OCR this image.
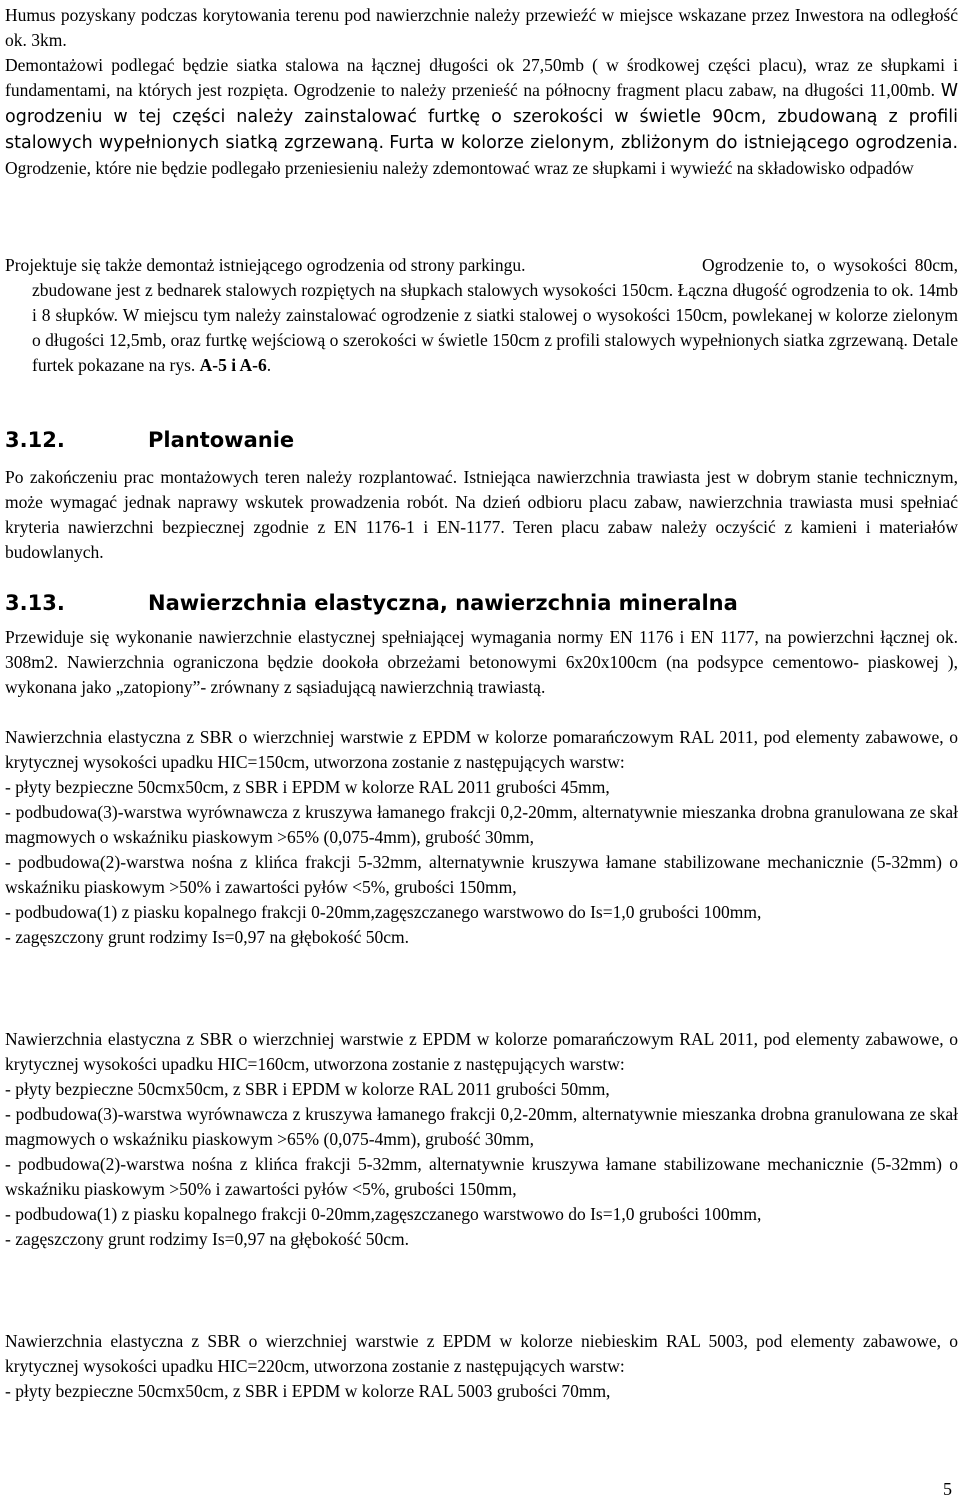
Humus pozyskany podczas korytowania terenu pod nawierzchnie należy przewieźć w miejsce wskazane przez Inwestora na odległość ok. 3km.

Demontażowi podlegać będzie siatka stalowa na łącznej długości ok 27,50mb ( w środkowej części placu), wraz ze słupkami i fundamentami, na których jest rozpięta. Ogrodzenie to należy przenieść na północny fragment placu zabaw, na długości 11,00mb. W ogrodzeniu w tej części należy zainstalować furtkę o szerokości w świetle 90cm, zbudowaną z profili stalowych wypełnionych siatką zgrzewaną. Furta w kolorze zielonym, zbliżonym do istniejącego ogrodzenia. Ogrodzenie, które nie będzie podlegało przeniesieniu należy zdemontować wraz ze słupkami i wywieźć na składowisko odpadów

Projektuje się także demontaż istniejącego ogrodzenia od strony parkingu.	Ogrodzenie to, o wysokości 80cm, zbudowane jest z bednarek stalowych rozpiętych na słupkach stalowych wysokości 150cm. Łączna długość ogrodzenia to ok. 14mb i 8 słupków. W miejscu tym należy zainstalować ogrodzenie z siatki stalowej o wysokości 150cm, powlekanej w kolorze zielonym o długości 12,5mb, oraz furtkę wejściową o szerokości w świetle 150cm z profili stalowych wypełnionych siatka zgrzewaną. Detale furtek pokazane na rys. A-5 i A-6.

3.12.	Plantowanie

Po zakończeniu prac montażowych teren należy rozplantować. Istniejąca nawierzchnia trawiasta jest w dobrym stanie technicznym, może wymagać jednak naprawy wskutek prowadzenia robót. Na dzień odbioru placu zabaw, nawierzchnia trawiasta musi spełniać kryteria nawierzchni bezpiecznej zgodnie z EN 1176-1 i EN-1177. Teren placu zabaw należy oczyścić z kamieni i materiałów budowlanych.

3.13.	Nawierzchnia elastyczna, nawierzchnia mineralna

Przewiduje się wykonanie nawierzchnie elastycznej spełniającej wymagania normy EN 1176 i EN 1177, na powierzchni łącznej ok. 308m2. Nawierzchnia ograniczona będzie dookoła obrzeżami betonowymi 6x20x100cm (na podsypce cementowo- piaskowej ), wykonana jako „zatopiony”- zrównany z sąsiadującą nawierzchnią trawiastą.

Nawierzchnia elastyczna z SBR o wierzchniej warstwie z EPDM w kolorze pomarańczowym RAL 2011, pod elementy zabawowe, o krytycznej wysokości upadku HIC=150cm, utworzona zostanie z następujących warstw:
- płyty bezpieczne 50cmx50cm, z SBR i EPDM w kolorze RAL 2011 grubości 45mm,
- podbudowa(3)-warstwa wyrównawcza z kruszywa łamanego frakcji 0,2-20mm, alternatywnie mieszanka drobna granulowana ze skał magmowych o wskaźniku piaskowym >65% (0,075-4mm), grubość 30mm,
- podbudowa(2)-warstwa nośna z klińca frakcji 5-32mm, alternatywnie kruszywa łamane stabilizowane mechanicznie (5-32mm) o wskaźniku piaskowym >50% i zawartości pyłów <5%, grubości 150mm,
- podbudowa(1) z piasku kopalnego frakcji 0-20mm,zagęszczanego warstwowo do Is=1,0 grubości 100mm,
- zagęszczony grunt rodzimy Is=0,97 na głębokość 50cm.
Nawierzchnia elastyczna z SBR o wierzchniej warstwie z EPDM w kolorze pomarańczowym RAL 2011, pod elementy zabawowe, o krytycznej wysokości upadku HIC=160cm, utworzona zostanie z następujących warstw:
- płyty bezpieczne 50cmx50cm, z SBR i EPDM w kolorze RAL 2011 grubości 50mm,
- podbudowa(3)-warstwa wyrównawcza z kruszywa łamanego frakcji 0,2-20mm, alternatywnie mieszanka drobna granulowana ze skał magmowych o wskaźniku piaskowym >65% (0,075-4mm), grubość 30mm,
- podbudowa(2)-warstwa nośna z klińca frakcji 5-32mm, alternatywnie kruszywa łamane stabilizowane mechanicznie (5-32mm) o wskaźniku piaskowym >50% i zawartości pyłów <5%, grubości 150mm,
- podbudowa(1) z piasku kopalnego frakcji 0-20mm,zagęszczanego warstwowo do Is=1,0 grubości 100mm,
- zagęszczony grunt rodzimy Is=0,97 na głębokość 50cm.
Nawierzchnia elastyczna z SBR o wierzchniej warstwie z EPDM w kolorze niebieskim RAL 5003, pod elementy zabawowe, o krytycznej wysokości upadku HIC=220cm, utworzona zostanie z następujących warstw:
- płyty bezpieczne 50cmx50cm, z SBR i EPDM w kolorze RAL 5003 grubości 70mm,
5
